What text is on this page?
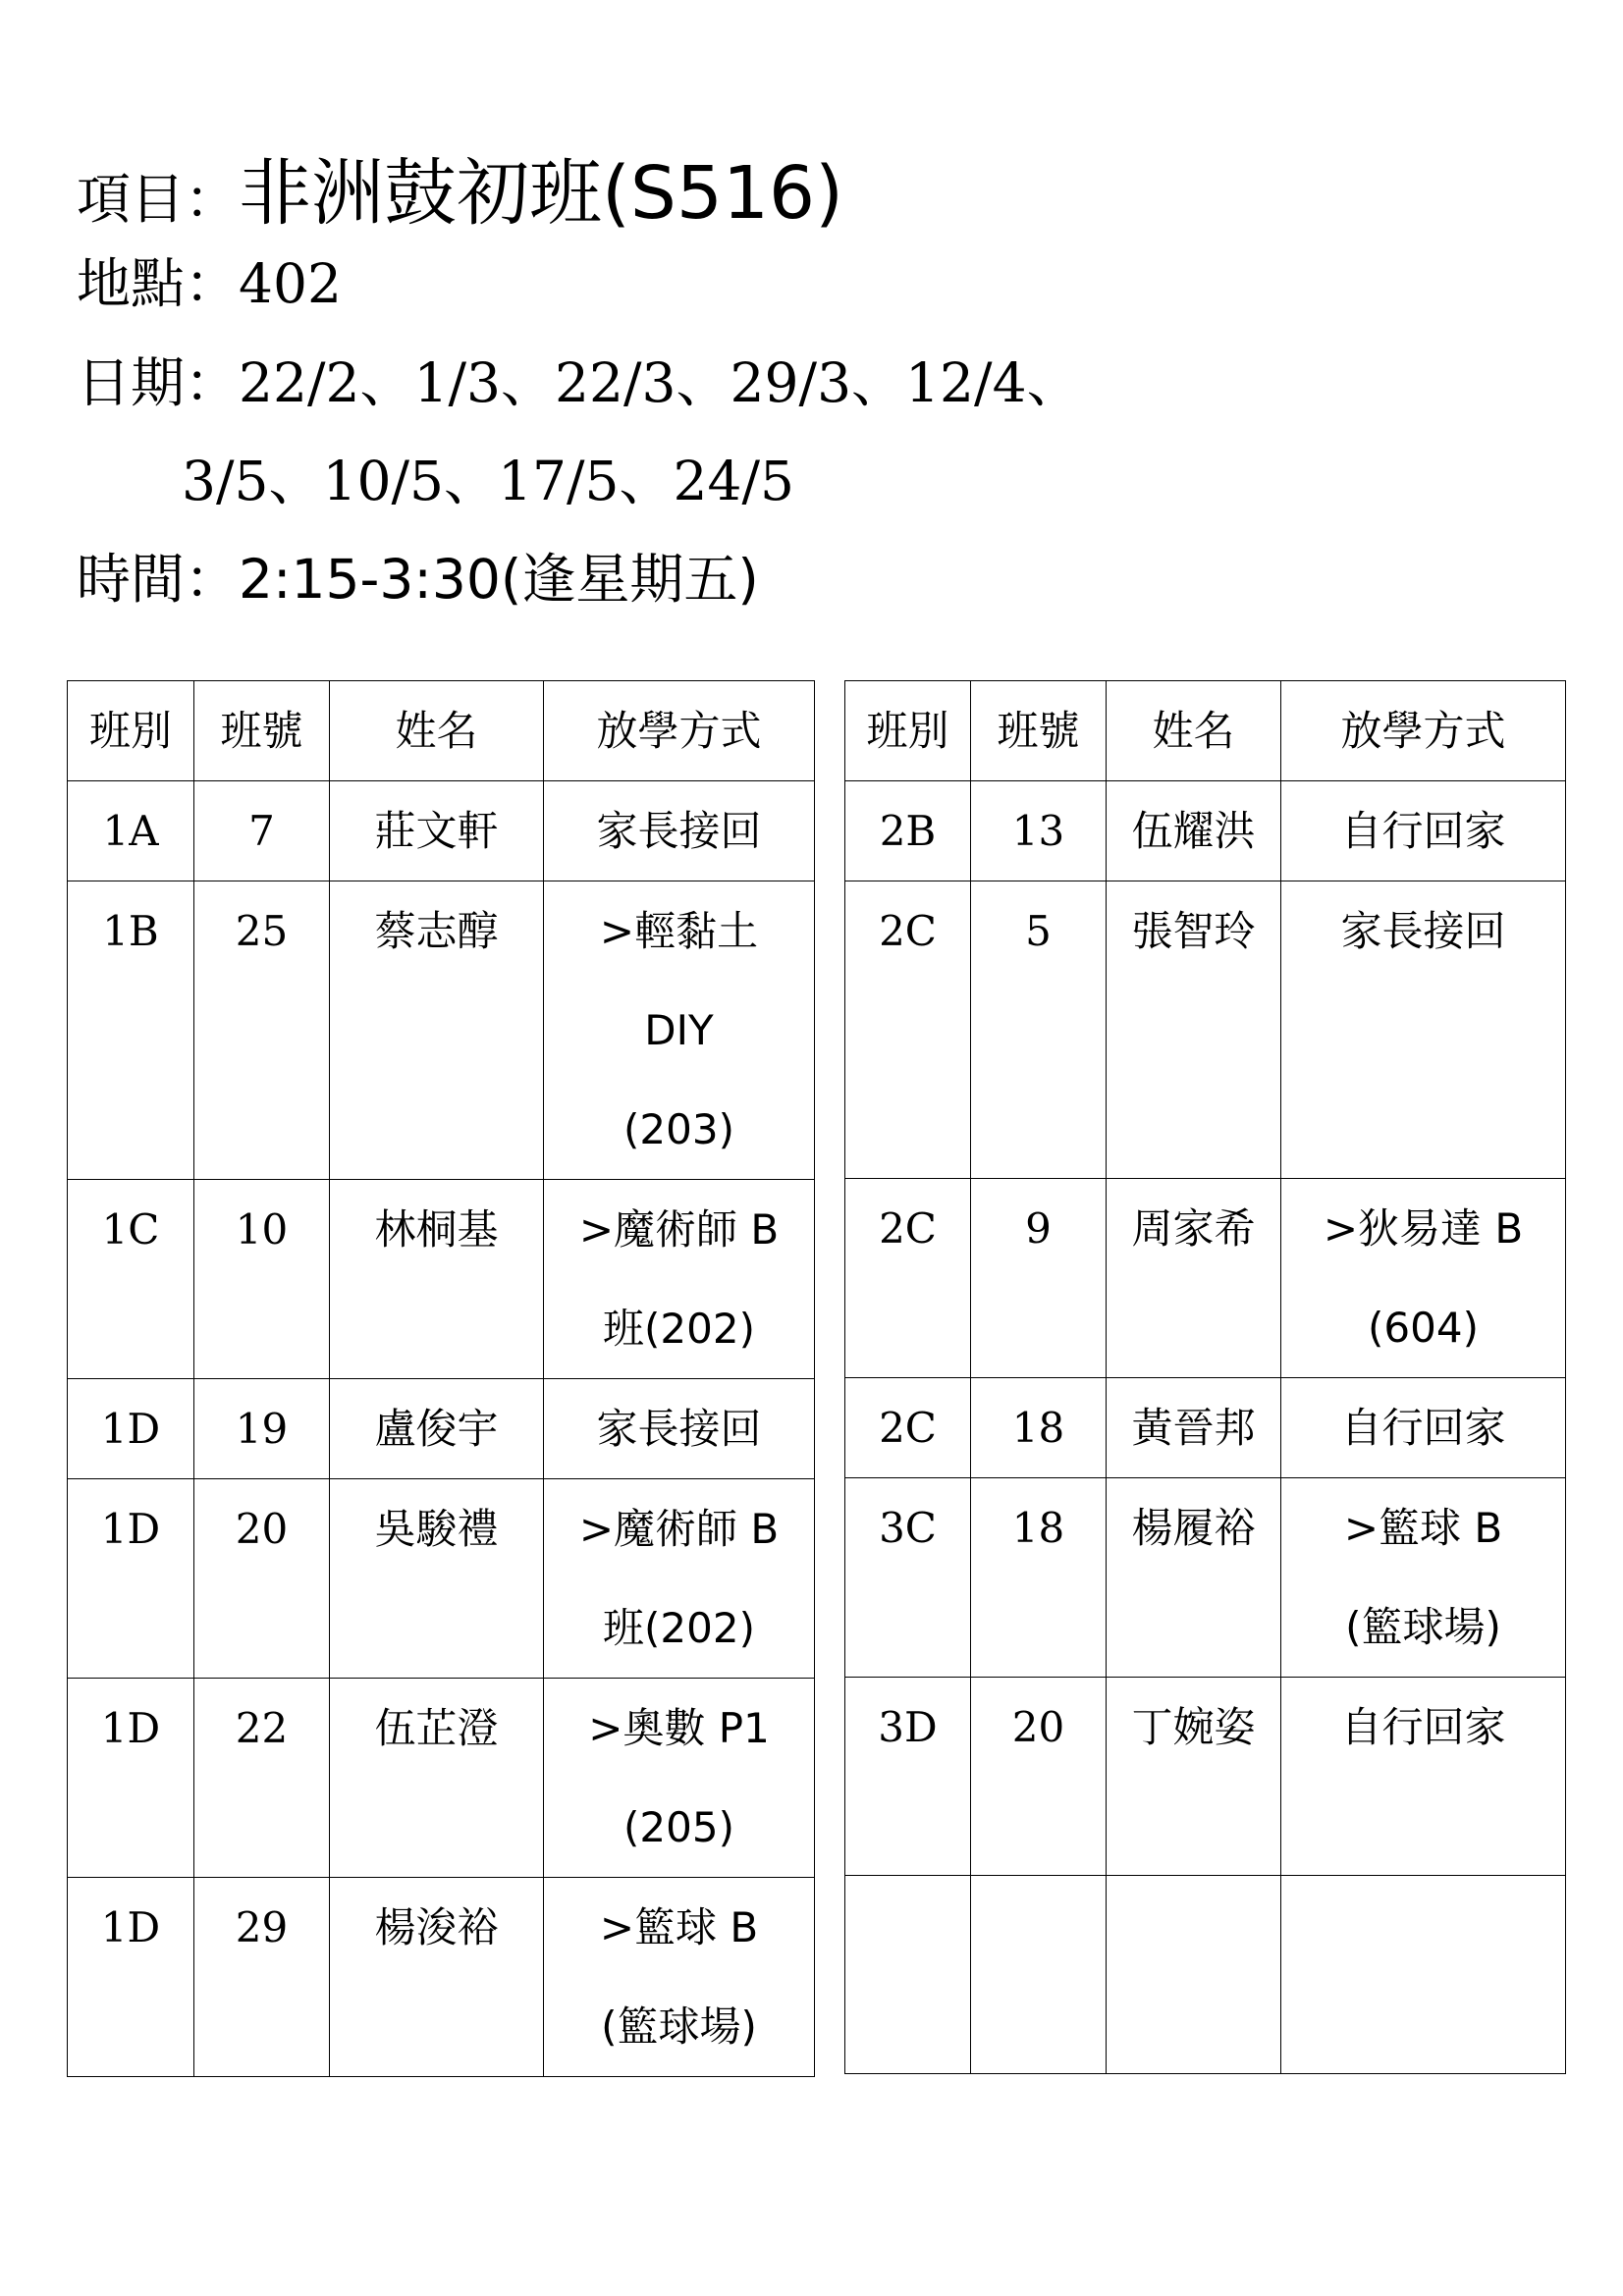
項目：非洲鼓初班(S516)
地點：402
日期：22/2、1/3、22/3、29/3、12/4、
3/5、10/5、17/5、24/5
時間：2:15-3:30(逢星期五)
班別	班號	姓名	放學方式
1A	7	莊文軒	家長接回

1B	25	蔡志醇	>輕黏土
DIY
(203)

1C	10	林桐基	>魔術師 B
班(202)

1D	19	盧俊宇	家長接回

1D	20	吳駿禮	>魔術師 B
班(202)

1D	22	伍芷澄	>奧數 P1
(205)

1D	29	楊浚裕	>籃球 B
(籃球場)
班別	班號	姓名	放學方式
2B	13	伍耀洪	自行回家

2C	5	張智玲	家長接回

2C	9	周家希	>狄易達 B
(604)

2C	18	黃晉邦	自行回家

3C	18	楊履裕	>籃球 B
(籃球場)

3D	20	丁婉姿	自行回家
